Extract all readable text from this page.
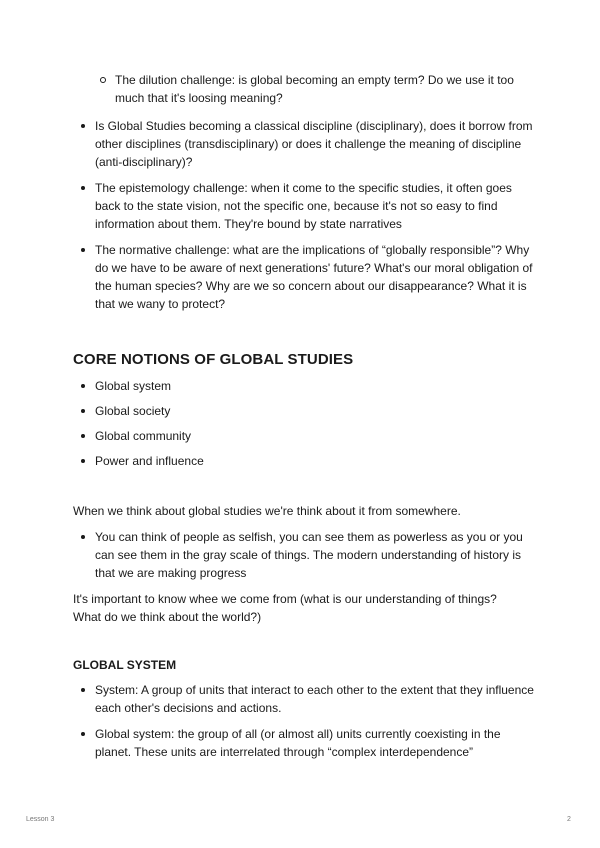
The dilution challenge: is global becoming an empty term? Do we use it too much that it's loosing meaning?
Is Global Studies becoming a classical discipline (disciplinary), does it borrow from other disciplines (transdisciplinary) or does it challenge the meaning of discipline (anti-disciplinary)?
The epistemology challenge: when it come to the specific studies, it often goes back to the state vision, not the specific one, because it's not so easy to find information about them. They're bound by state narratives
The normative challenge: what are the implications of “globally responsible”? Why do we have to be aware of next generations' future? What's our moral obligation of the human species? Why are we so concern about our disappearance? What it is that we wany to protect?
CORE NOTIONS OF GLOBAL STUDIES
Global system
Global society
Global community
Power and influence
When we think about global studies we're think about it from somewhere.
You can think of people as selfish, you can see them as powerless as you or you can see them in the gray scale of things. The modern understanding of history is that we are making progress
It's important to know whee we come from (what is our understanding of things? What do we think about the world?)
GLOBAL SYSTEM
System: A group of units that interact to each other to the extent that they influence each other's decisions and actions.
Global system: the group of all (or almost all) units currently coexisting in the planet. These units are interrelated through “complex interdependence”
Lesson 3	2
